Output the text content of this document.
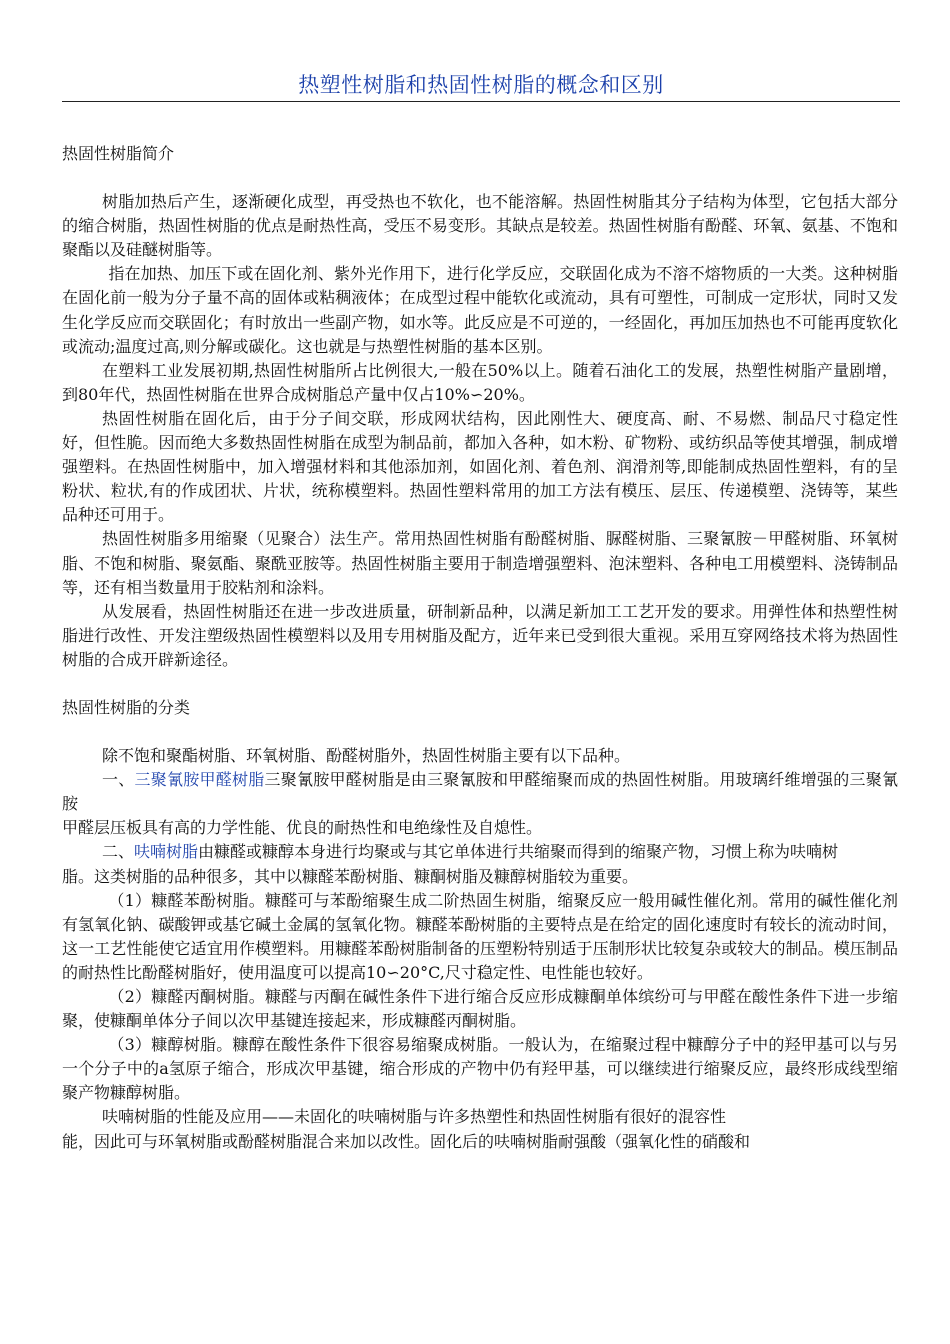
热塑性树脂和热固性树脂的概念和区别

热固性树脂简介

树脂加热后产生，逐渐硬化成型，再受热也不软化，也不能溶解。热固性树脂其分子结构为体型，它包括大部分的缩合树脂，热固性树脂的优点是耐热性高，受压不易变形。其缺点是较差。热固性树脂有酚醛、环氧、氨基、不饱和聚酯以及硅醚树脂等。

指在加热、加压下或在固化剂、紫外光作用下，进行化学反应，交联固化成为不溶不熔物质的一大类。这种树脂在固化前一般为分子量不高的固体或粘稠液体；在成型过程中能软化或流动，具有可塑性，可制成一定形状，同时又发生化学反应而交联固化；有时放出一些副产物，如水等。此反应是不可逆的，一经固化，再加压加热也不可能再度软化或流动;温度过高,则分解或碳化。这也就是与热塑性树脂的基本区别。

在塑料工业发展初期,热固性树脂所占比例很大,一般在50%以上。随着石油化工的发展，热塑性树脂产量剧增，到80年代，热固性树脂在世界合成树脂总产量中仅占10%∽20%。

热固性树脂在固化后，由于分子间交联，形成网状结构，因此刚性大、硬度高、耐、不易燃、制品尺寸稳定性好，但性脆。因而绝大多数热固性树脂在成型为制品前，都加入各种，如木粉、矿物粉、或纺织品等使其增强，制成增强塑料。在热固性树脂中，加入增强材料和其他添加剂，如固化剂、着色剂、润滑剂等,即能制成热固性塑料，有的呈粉状、粒状,有的作成团状、片状，统称模塑料。热固性塑料常用的加工方法有模压、层压、传递模塑、浇铸等，某些品种还可用于。

热固性树脂多用缩聚（见聚合）法生产。常用热固性树脂有酚醛树脂、脲醛树脂、三聚氰胺－甲醛树脂、环氧树脂、不饱和树脂、聚氨酯、聚酰亚胺等。热固性树脂主要用于制造增强塑料、泡沫塑料、各种电工用模塑料、浇铸制品等，还有相当数量用于胶粘剂和涂料。

从发展看，热固性树脂还在进一步改进质量，研制新品种，以满足新加工工艺开发的要求。用弹性体和热塑性树脂进行改性、开发注塑级热固性模塑料以及用专用树脂及配方，近年来已受到很大重视。采用互穿网络技术将为热固性树脂的合成开辟新途径。

热固性树脂的分类

除不饱和聚酯树脂、环氧树脂、酚醛树脂外，热固性树脂主要有以下品种。

一、三聚氰胺甲醛树脂三聚氰胺甲醛树脂是由三聚氰胺和甲醛缩聚而成的热固性树脂。用玻璃纤维增强的三聚氰胺

甲醛层压板具有高的力学性能、优良的耐热性和电绝缘性及自熄性。

二、呋喃树脂由糠醛或糠醇本身进行均聚或与其它单体进行共缩聚而得到的缩聚产物，习惯上称为呋喃树

脂。这类树脂的品种很多，其中以糠醛苯酚树脂、糠酮树脂及糠醇树脂较为重要。

（1）糠醛苯酚树脂。糠醛可与苯酚缩聚生成二阶热固生树脂，缩聚反应一般用碱性催化剂。常用的碱性催化剂有氢氧化钠、碳酸钾或基它碱土金属的氢氧化物。糠醛苯酚树脂的主要特点是在给定的固化速度时有较长的流动时间，这一工艺性能使它适宜用作模塑料。用糠醛苯酚树脂制备的压塑粉特别适于压制形状比较复杂或较大的制品。模压制品的耐热性比酚醛树脂好，使用温度可以提高10∽20°C,尺寸稳定性、电性能也较好。

（2）糠醛丙酮树脂。糠醛与丙酮在碱性条件下进行缩合反应形成糠酮单体缤纷可与甲醛在酸性条件下进一步缩聚，使糠酮单体分子间以次甲基键连接起来，形成糠醛丙酮树脂。

（3）糠醇树脂。糠醇在酸性条件下很容易缩聚成树脂。一般认为，在缩聚过程中糠醇分子中的羟甲基可以与另一个分子中的a氢原子缩合，形成次甲基键，缩合形成的产物中仍有羟甲基，可以继续进行缩聚反应，最终形成线型缩聚产物糠醇树脂。

呋喃树脂的性能及应用——未固化的呋喃树脂与许多热塑性和热固性树脂有很好的混容性

能，因此可与环氧树脂或酚醛树脂混合来加以改性。固化后的呋喃树脂耐强酸（强氧化性的硝酸和
